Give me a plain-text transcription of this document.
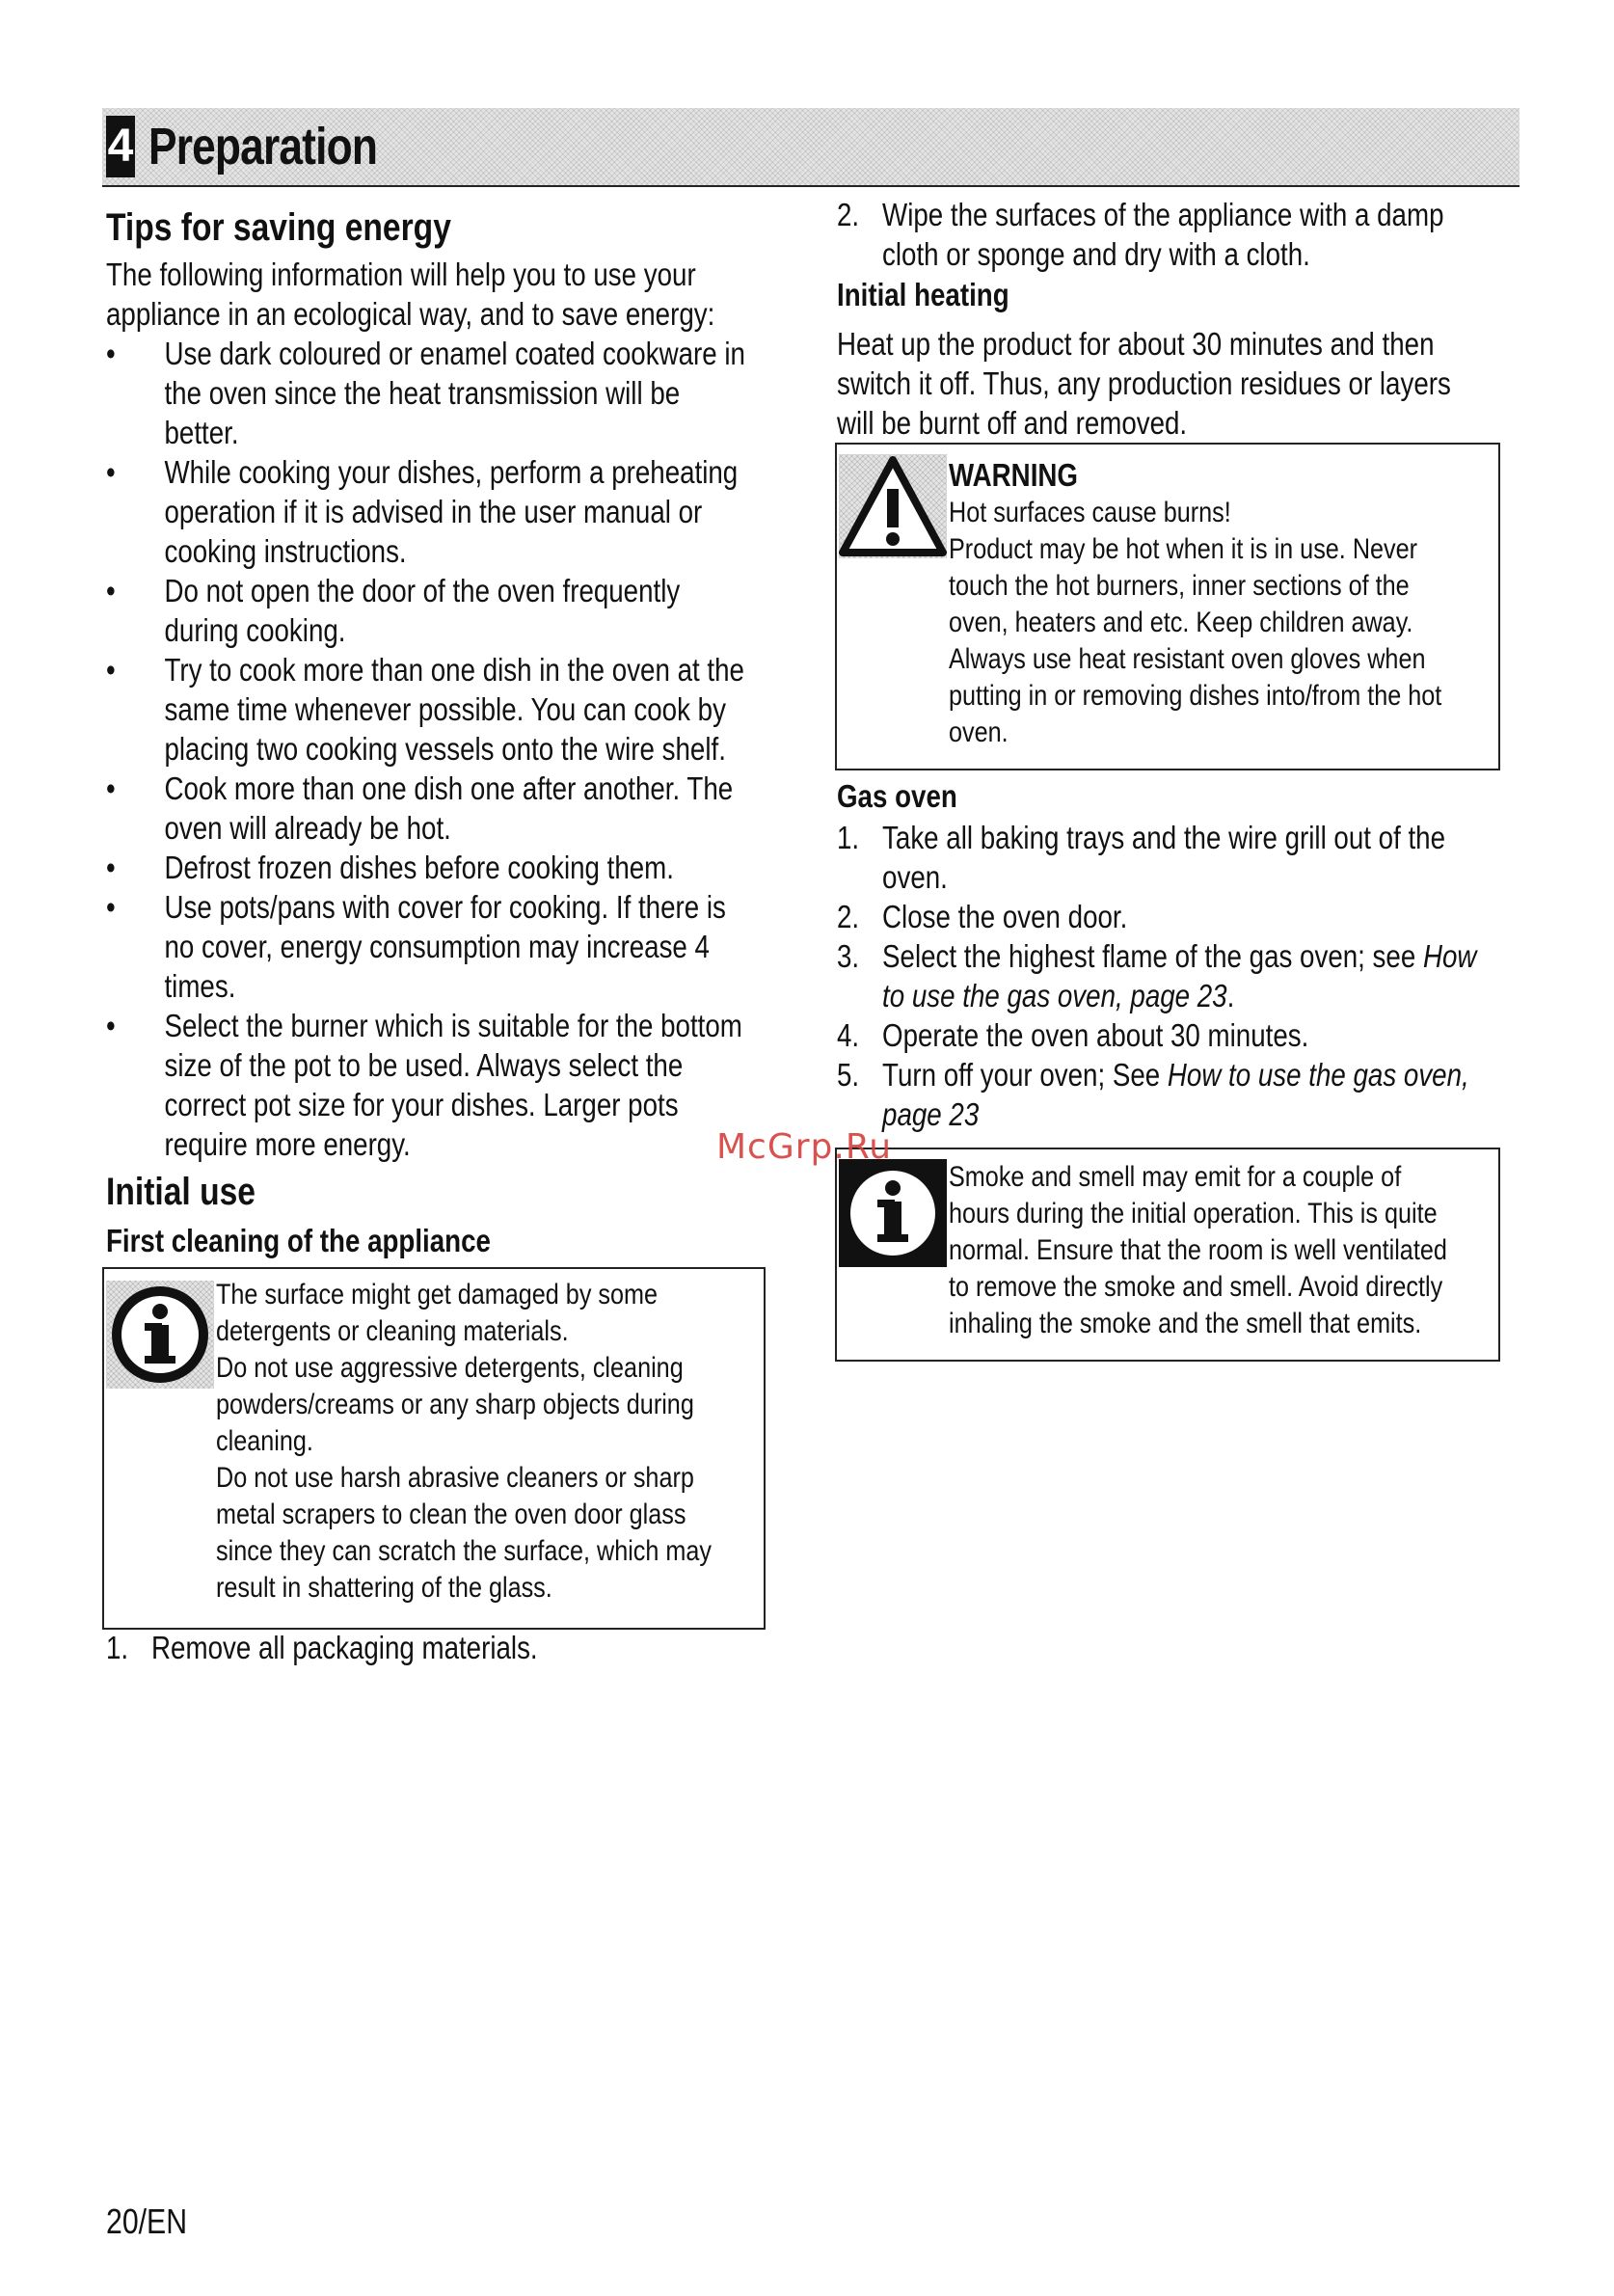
4 Preparation
Tips for saving energy
The following information will help you to use your
appliance in an ecological way, and to save energy:
• Use dark coloured or enamel coated cookware in
the oven since the heat transmission will be
better.
• While cooking your dishes, perform a preheating
operation if it is advised in the user manual or
cooking instructions.
• Do not open the door of the oven frequently
during cooking.
• Try to cook more than one dish in the oven at the
same time whenever possible. You can cook by
placing two cooking vessels onto the wire shelf.
• Cook more than one dish one after another. The
oven will already be hot.
• Defrost frozen dishes before cooking them.
• Use pots/pans with cover for cooking. If there is
no cover, energy consumption may increase 4
times.
• Select the burner which is suitable for the bottom
size of the pot to be used. Always select the
correct pot size for your dishes. Larger pots
require more energy.
Initial use
First cleaning of the appliance
The surface might get damaged by some
detergents or cleaning materials.
Do not use aggressive detergents, cleaning
powders/creams or any sharp objects during
cleaning.
Do not use harsh abrasive cleaners or sharp
metal scrapers to clean the oven door glass
since they can scratch the surface, which may
result in shattering of the glass.
1. Remove all packaging materials.
2. Wipe the surfaces of the appliance with a damp
cloth or sponge and dry with a cloth.
Initial heating
Heat up the product for about 30 minutes and then
switch it off. Thus, any production residues or layers
will be burnt off and removed.
WARNING
Hot surfaces cause burns!
Product may be hot when it is in use. Never
touch the hot burners, inner sections of the
oven, heaters and etc. Keep children away.
Always use heat resistant oven gloves when
putting in or removing dishes into/from the hot
oven.
Gas oven
1. Take all baking trays and the wire grill out of the
oven.
2. Close the oven door.
3. Select the highest flame of the gas oven; see How
to use the gas oven, page 23.
4. Operate the oven about 30 minutes.
5. Turn off your oven; See How to use the gas oven,
page 23
Smoke and smell may emit for a couple of
hours during the initial operation. This is quite
normal. Ensure that the room is well ventilated
to remove the smoke and smell. Avoid directly
inhaling the smoke and the smell that emits.
McGrp.Ru
20/EN
